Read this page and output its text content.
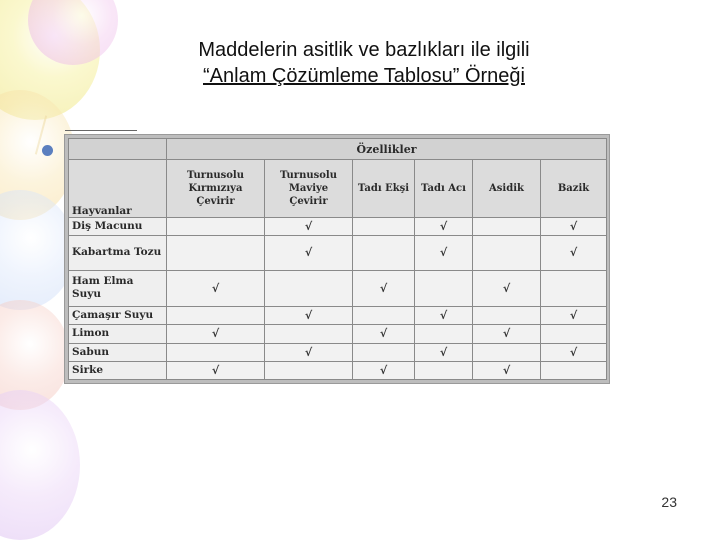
Maddelerin asitlik ve bazlıkları ile ilgili
“Anlam Çözümleme Tablosu” Örneği
	Özellikler					
Hayvanlar	Turnusolu Kırmızıya Çevirir	Turnusolu Maviye Çevirir	Tadı Ekşi	Tadı Acı	Asidik	Bazik
Diş Macunu		√		√		√
Kabartma Tozu		√		√		√
Ham Elma Suyu	√		√		√	
Çamaşır Suyu		√		√		√
Limon	√		√		√	
Sabun		√		√		√
Sirke	√		√		√	
23
